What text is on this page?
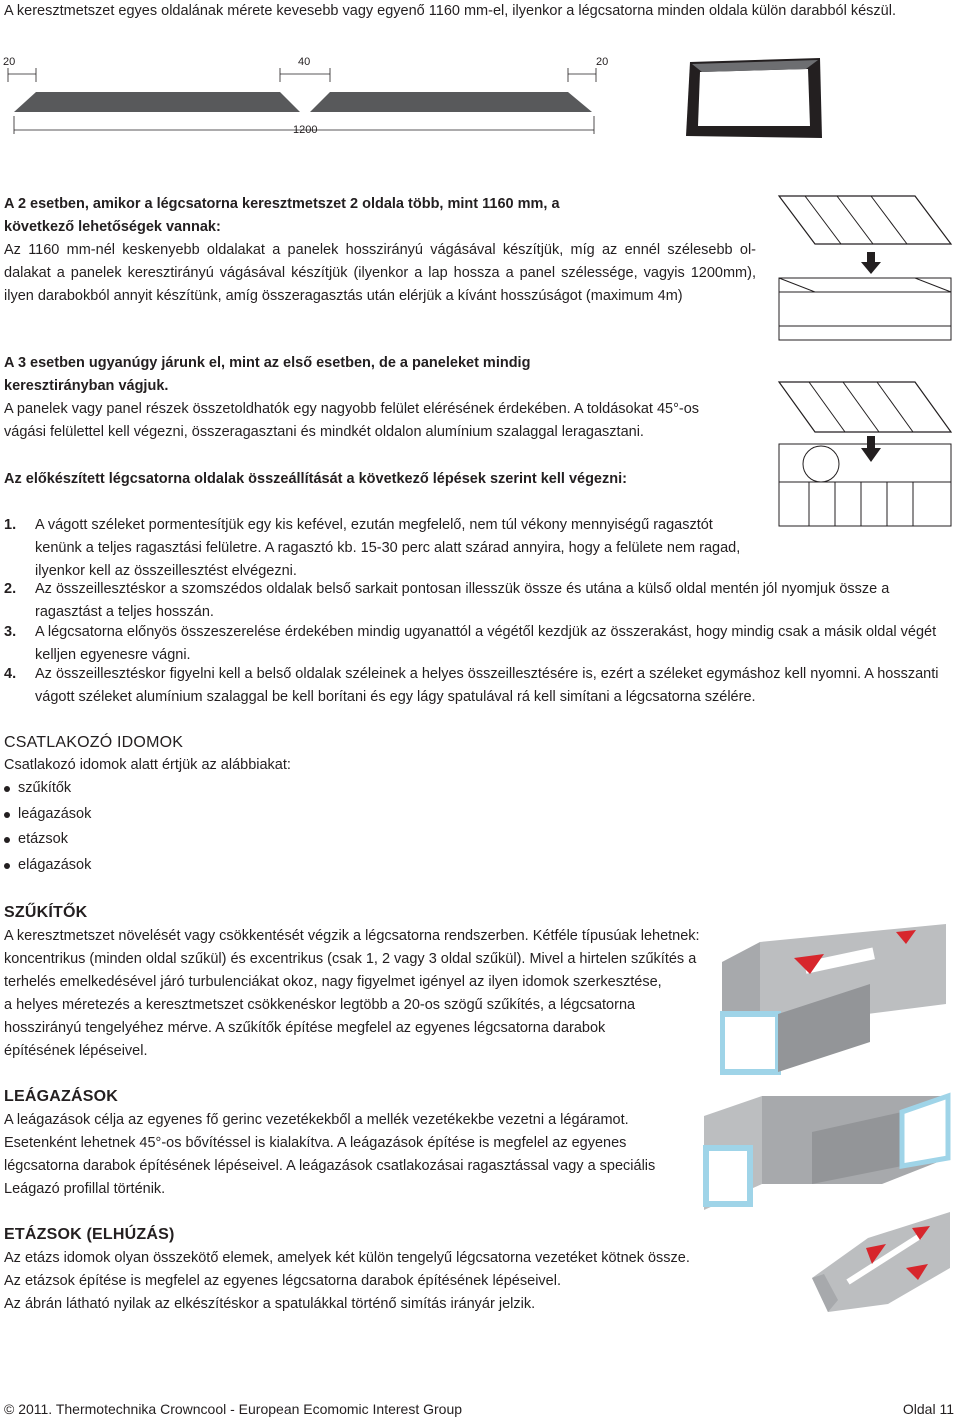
A keresztmetszet egyes oldalának mérete kevesebb vagy egyenő 1160 mm-el, ilyenkor a légcsatorna minden oldala külön darabból készül.
20	40	20
1200
A 2 esetben, amikor a légcsatorna keresztmetszet 2 oldala több, mint 1160 mm, a következő lehetőségek vannak:
Az 1160 mm-nél keskenyebb oldalakat a panelek hosszirányú vágásával készítjük, míg az ennél szélesebb ol-dalakat a panelek keresztirányú vágásával készítjük (ilyenkor a lap hossza a panel szélessége, vagyis 1200mm), ilyen darabokból annyit készítünk, amíg összeragasztás után elérjük a kívánt hosszúságot (maximum 4m)
A 3 esetben ugyanúgy járunk el, mint az első esetben, de a paneleket mindig keresztirányban vágjuk.
A panelek vagy panel részek összetoldhatók egy nagyobb felület elérésének érdekében. A toldásokat 45°-os vágási felülettel kell végezni, összeragasztani és mindkét oldalon alumínium szalaggal leragasztani.
Az előkészített légcsatorna oldalak összeállítását a következő lépések szerint kell végezni:
1. A vágott széleket pormentesítjük egy kis kefével, ezután megfelelő, nem túl vékony mennyiségű ragasztót kenünk a teljes ragasztási felületre. A ragasztó kb. 15-30 perc alatt szárad annyira, hogy a felülete nem ragad, ilyenkor kell az összeillesztést elvégezni.
2. Az összeillesztéskor a szomszédos oldalak belső sarkait pontosan illesszük össze és utána a külső oldal mentén jól nyomjuk össze a ragasztást a teljes hosszán.
3. A légcsatorna előnyös összeszerelése érdekében mindig ugyanattól a végétől kezdjük az összerakást, hogy mindig csak a másik oldal végét kelljen egyenesre vágni.
4. Az összeillesztéskor figyelni kell a belső oldalak széleinek a helyes összeillesztésére is, ezért a széleket egymáshoz kell nyomni. A hosszanti vágott széleket alumínium szalaggal be kell borítani és egy lágy spatulával rá kell simítani a légcsatorna szélére.
CSATLAKOZÓ IDOMOK
Csatlakozó idomok alatt értjük az alábbiakat:
szűkítők
leágazások
etázsok
elágazások
SZŰKÍTŐK
A keresztmetszet növelését vagy csökkentését végzik a légcsatorna rendszerben. Kétféle típusúak lehetnek:
koncentrikus (minden oldal szűkül) és excentrikus (csak 1, 2 vagy 3 oldal szűkül). Mivel a hirtelen szűkítés a
terhelés emelkedésével járó turbulenciákat okoz, nagy figyelmet igényel az ilyen idomok szerkesztése,
a helyes méretezés a keresztmetszet csökkenéskor legtöbb a 20-os szögű szűkítés, a légcsatorna
hosszirányú tengelyéhez mérve. A szűkítők építése megfelel az egyenes légcsatorna darabok
építésének lépéseivel.
LEÁGAZÁSOK
A leágazások célja az egyenes fő gerinc vezetékekből a mellék vezetékekbe vezetni a légáramot.
Esetenként lehetnek 45°-os bővítéssel is kialakítva. A leágazások építése is megfelel az egyenes
légcsatorna darabok építésének lépéseivel. A leágazások csatlakozásai ragasztással vagy a speciális
Leágazó profillal történik.
ETÁZSOK (ELHÚZÁS)
Az etázs idomok olyan összekötő elemek, amelyek két külön tengelyű légcsatorna vezetéket kötnek össze.
Az etázsok építése is megfelel az egyenes légcsatorna darabok építésének lépéseivel.
Az ábrán látható nyilak az elkészítéskor a spatulákkal történő simítás irányár jelzik.
© 2011. Thermotechnika Crowncool - European Ecomomic Interest Group	Oldal 11
